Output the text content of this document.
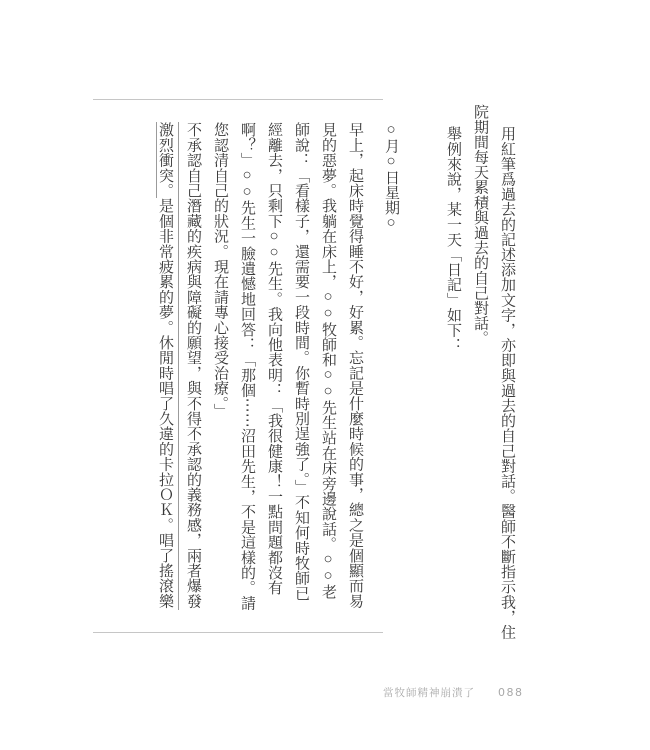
用紅筆爲過去的記述添加文字，亦即與過去的自己對話。醫師不斷指示我，住
院期間每天累積與過去的自己對話。
舉例來說，某一天「日記」如下：
○月○日星期○
早上，起床時覺得睡不好，好累。忘記是什麼時候的事，總之是個顯而易
見的惡夢。我躺在床上，○○牧師和○○先生站在床旁邊說話。○○老
師說：「看樣子，還需要一段時間。你暫時別逞強了。」不知何時牧師已
經離去，只剩下○○先生。我向他表明：「我很健康！一點問題都沒有
啊？」○○先生一臉遺憾地回答：「那個⋯⋯沼田先生，不是這樣的。請
您認清自己的狀況。現在請專心接受治療。」
不承認自己潛藏的疾病與障礙的願望，與不得不承認的義務感，兩者爆發
激烈衝突。是個非常疲累的夢。休閒時唱了久違的卡拉ＯＫ。唱了搖滾樂
當牧師精神崩潰了 088
